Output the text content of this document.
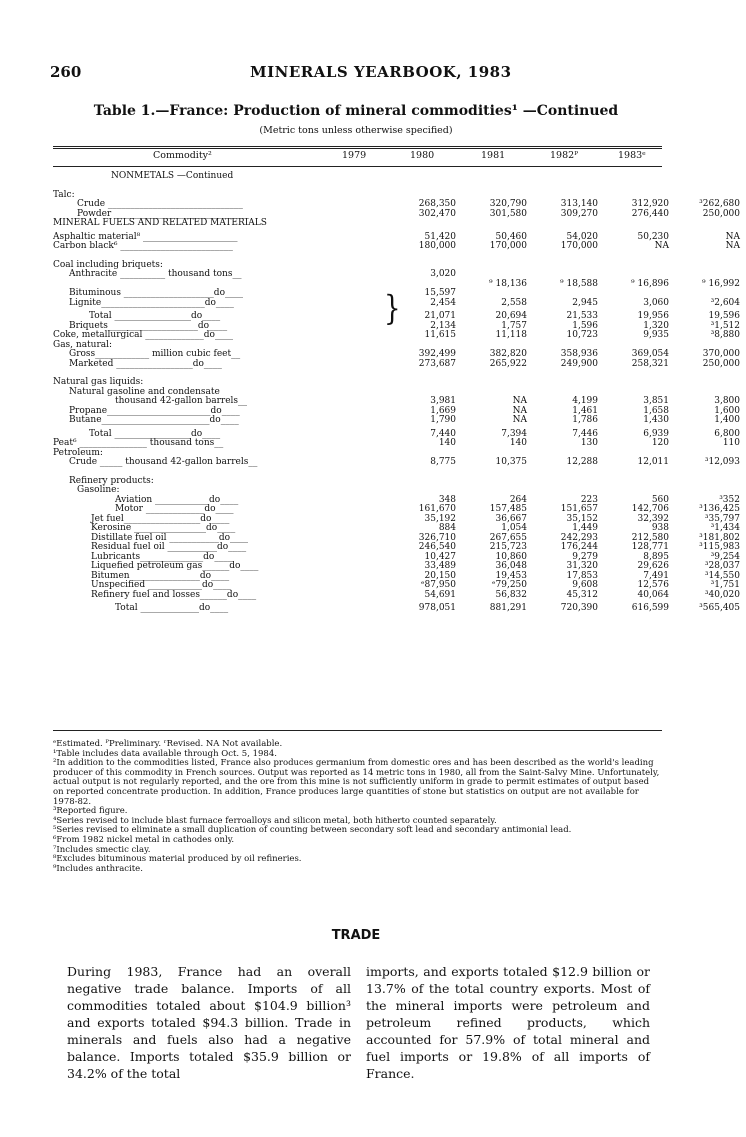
260	MINERALS YEARBOOK, 1983
Table 1.—France: Production of mineral commodities¹ —Continued
(Metric tons unless otherwise specified)
Commodity²	1979	1980	1981	1982ᴾ	1983ᵉ
NONMETALS —Continued					

Talc:					
Crude ______________________________	268,350	320,790	313,140	312,920	³262,680
Powder ______________________________	302,470	301,580	309,270	276,440	250,000
MINERAL FUELS AND RELATED MATERIALS					

Asphaltic material⁸ _____________________	51,420	50,460	54,020	50,230	NA
Carbon black⁶ _________________________	180,000	170,000	170,000	NA	NA

Coal including briquets:					
Anthracite __________ thousand tons__	3,020				
		⁹ 18,136	⁹ 18,588	⁹ 16,896	⁹ 16,992
Bituminous ____________________do____	15,597				
Lignite_______________________do____	2,454	2,558	2,945	3,060	³2,604

Total _________________do____	21,071	20,694	21,533	19,956	19,596
Briquets____________________do____	2,134	1,757	1,596	1,320	³1,512
Coke, metallurgical _____________do____	11,615	11,118	10,723	9,935	³8,880
Gas, natural:					
Gross____________ million cubic feet__	392,499	382,820	358,936	369,054	370,000
Marketed _________________do____	273,687	265,922	249,900	258,321	250,000

Natural gas liquids:					
Natural gasoline and condensate					
thousand 42-gallon barrels__	3,981	NA	4,199	3,851	3,800
Propane_______________________do____	1,669	NA	1,461	1,658	1,600
Butane________________________do____	1,790	NA	1,786	1,430	1,400

Total _________________do____	7,440	7,394	7,446	6,939	6,800
Peat⁶ _______________ thousand tons__	140	140	130	120	110
Petroleum:					
Crude _____ thousand 42-gallon barrels__	8,775	10,375	12,288	12,011	³12,093

Refinery products:					
Gasoline:					
Aviation ____________do____	348	264	223	560	³352
Motor _____________do____	161,670	157,485	151,657	142,706	³136,425
Jet fuel_________________do____	35,192	36,667	35,152	32,392	³35,797
Kerosine ________________do____	884	1,054	1,449	938	³1,434
Distillate fuel oil ___________do____	326,710	267,655	242,293	212,580	³181,802
Residual fuel oil ___________do____	246,540	215,723	176,244	128,771	³115,983
Lubricants______________do____	10,427	10,860	9,279	8,895	³9,254
Liquefied petroleum gas______do____	33,489	36,048	31,320	29,626	³28,037
Bitumen _______________do____	20,150	19,453	17,853	7,491	³14,550
Unspecified ____________do____	ᵉ87,950	ᵉ79,250	9,608	12,576	³1,751
Refinery fuel and losses______do____	54,691	56,832	45,312	40,064	³40,020

Total _____________do____	978,051	881,291	720,390	616,599	³565,405
}
ᵉEstimated. ᴾPreliminary. ʳRevised. NA Not available.
¹Table includes data available through Oct. 5, 1984.
²In addition to the commodities listed, France also produces germanium from domestic ores and has been described as the world's leading producer of this commodity in French sources. Output was reported as 14 metric tons in 1980, all from the Saint-Salvy Mine. Unfortunately, actual output is not regularly reported, and the ore from this mine is not sufficiently uniform in grade to permit estimates of output based on reported concentrate production. In addition, France produces large quantities of stone but statistics on output are not available for 1978-82.
³Reported figure.
⁴Series revised to include blast furnace ferroalloys and silicon metal, both hitherto counted separately.
⁵Series revised to eliminate a small duplication of counting between secondary soft lead and secondary antimonial lead.
⁶From 1982 nickel metal in cathodes only.
⁷Includes smectic clay.
⁸Excludes bituminous material produced by oil refineries.
⁹Includes anthracite.
TRADE
During 1983, France had an overall negative trade balance. Imports of all commodities totaled about $104.9 billion³ and exports totaled $94.3 billion. Trade in minerals and fuels also had a negative balance. Imports totaled $35.9 billion or 34.2% of the total
imports, and exports totaled $12.9 billion or 13.7% of the total country exports. Most of the mineral imports were petroleum and petroleum refined products, which accounted for 57.9% of total mineral and fuel imports or 19.8% of all imports of France.
